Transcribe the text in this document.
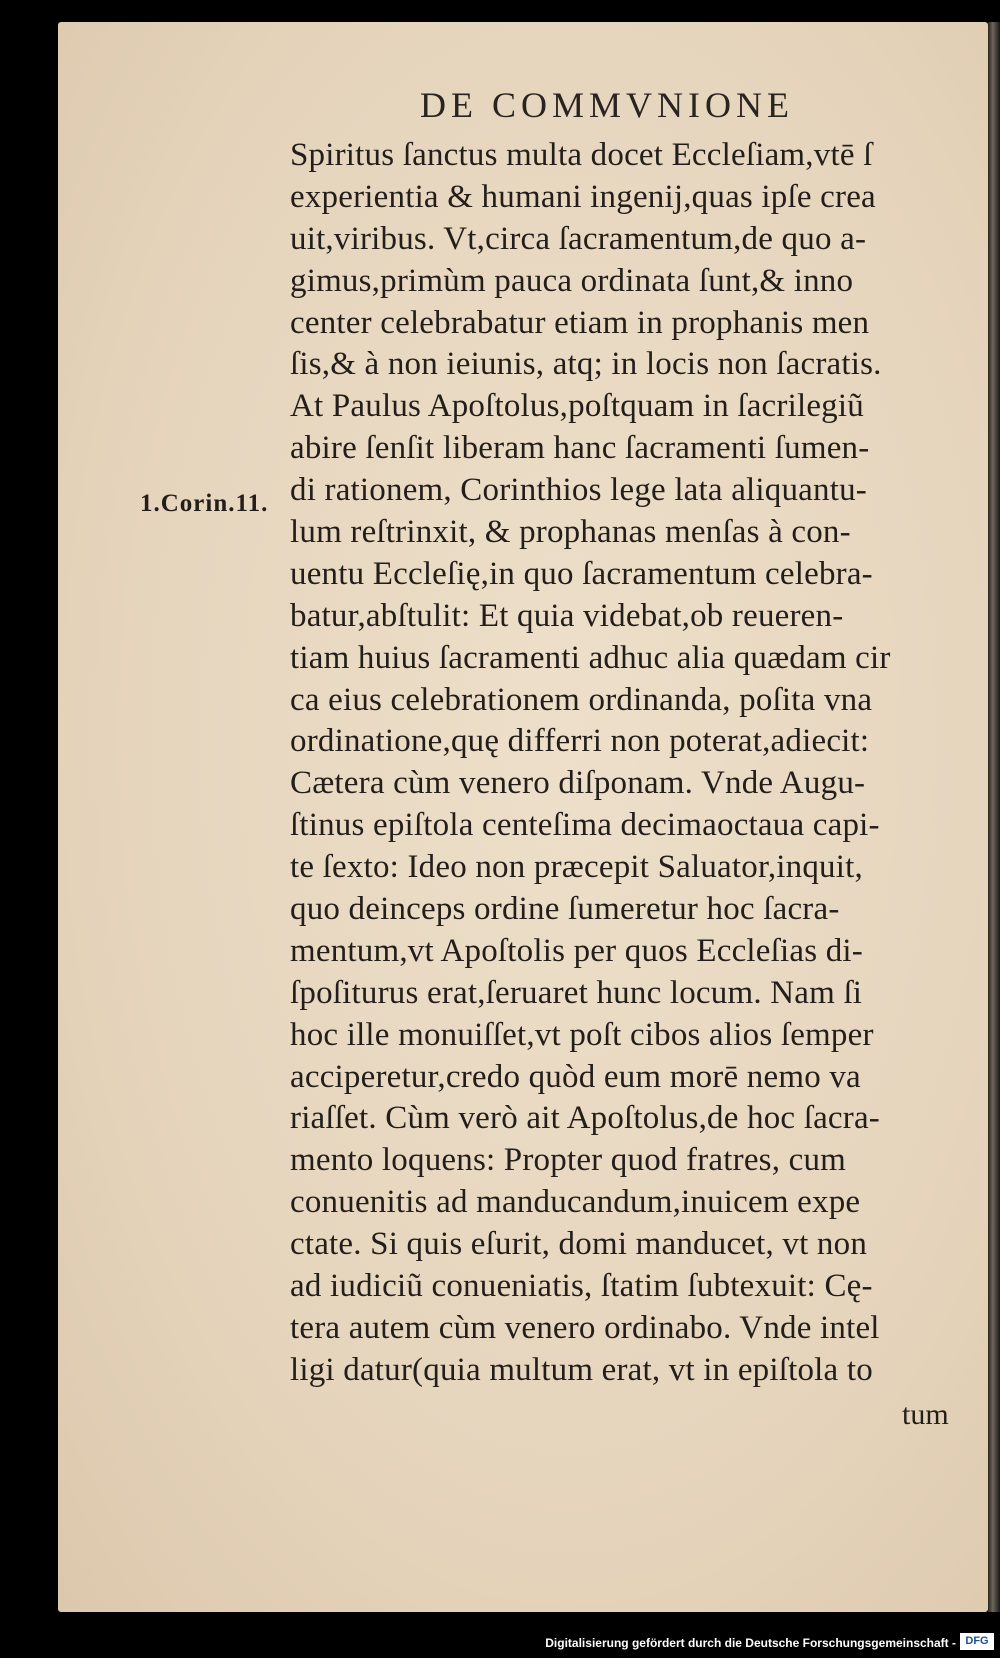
DE COMMVNIONE
1.Corin.11.
Spiritus ſanctus multa docet Eccleſiam,vtē ſ
experientia & humani ingenij,quas ipſe crea
uit,viribus. Vt,circa ſacramentum,de quo a-
gimus,primùm pauca ordinata ſunt,& inno
center celebrabatur etiam in prophanis men
ſis,& à non ieiunis, atq; in locis non ſacratis.
At Paulus Apoſtolus,poſtquam in ſacrilegiũ
abire ſenſit liberam hanc ſacramenti ſumen-
di rationem, Corinthios lege lata aliquantu-
lum reſtrinxit, & prophanas menſas à con-
uentu Eccleſię,in quo ſacramentum celebra-
batur,abſtulit: Et quia videbat,ob reueren-
tiam huius ſacramenti adhuc alia quædam cir
ca eius celebrationem ordinanda, poſita vna
ordinatione,quę differri non poterat,adiecit:
Cætera cùm venero diſponam. Vnde Augu-
ſtinus epiſtola centeſima decimaoctaua capi-
te ſexto: Ideo non præcepit Saluator,inquit,
quo deinceps ordine ſumeretur hoc ſacra-
mentum,vt Apoſtolis per quos Eccleſias di-
ſpoſiturus erat,ſeruaret hunc locum. Nam ſi
hoc ille monuiſſet,vt poſt cibos alios ſemper
acciperetur,credo quòd eum morē nemo va
riaſſet. Cùm verò ait Apoſtolus,de hoc ſacra-
mento loquens: Propter quod fratres, cum
conuenitis ad manducandum,inuicem expe
ctate. Si quis eſurit, domi manducet, vt non
ad iudiciũ conueniatis, ſtatim ſubtexuit: Cę-
tera autem cùm venero ordinabo. Vnde intel
ligi datur(quia multum erat, vt in epiſtola to
tum
Digitalisierung gefördert durch die Deutsche Forschungsgemeinschaft - DFG
